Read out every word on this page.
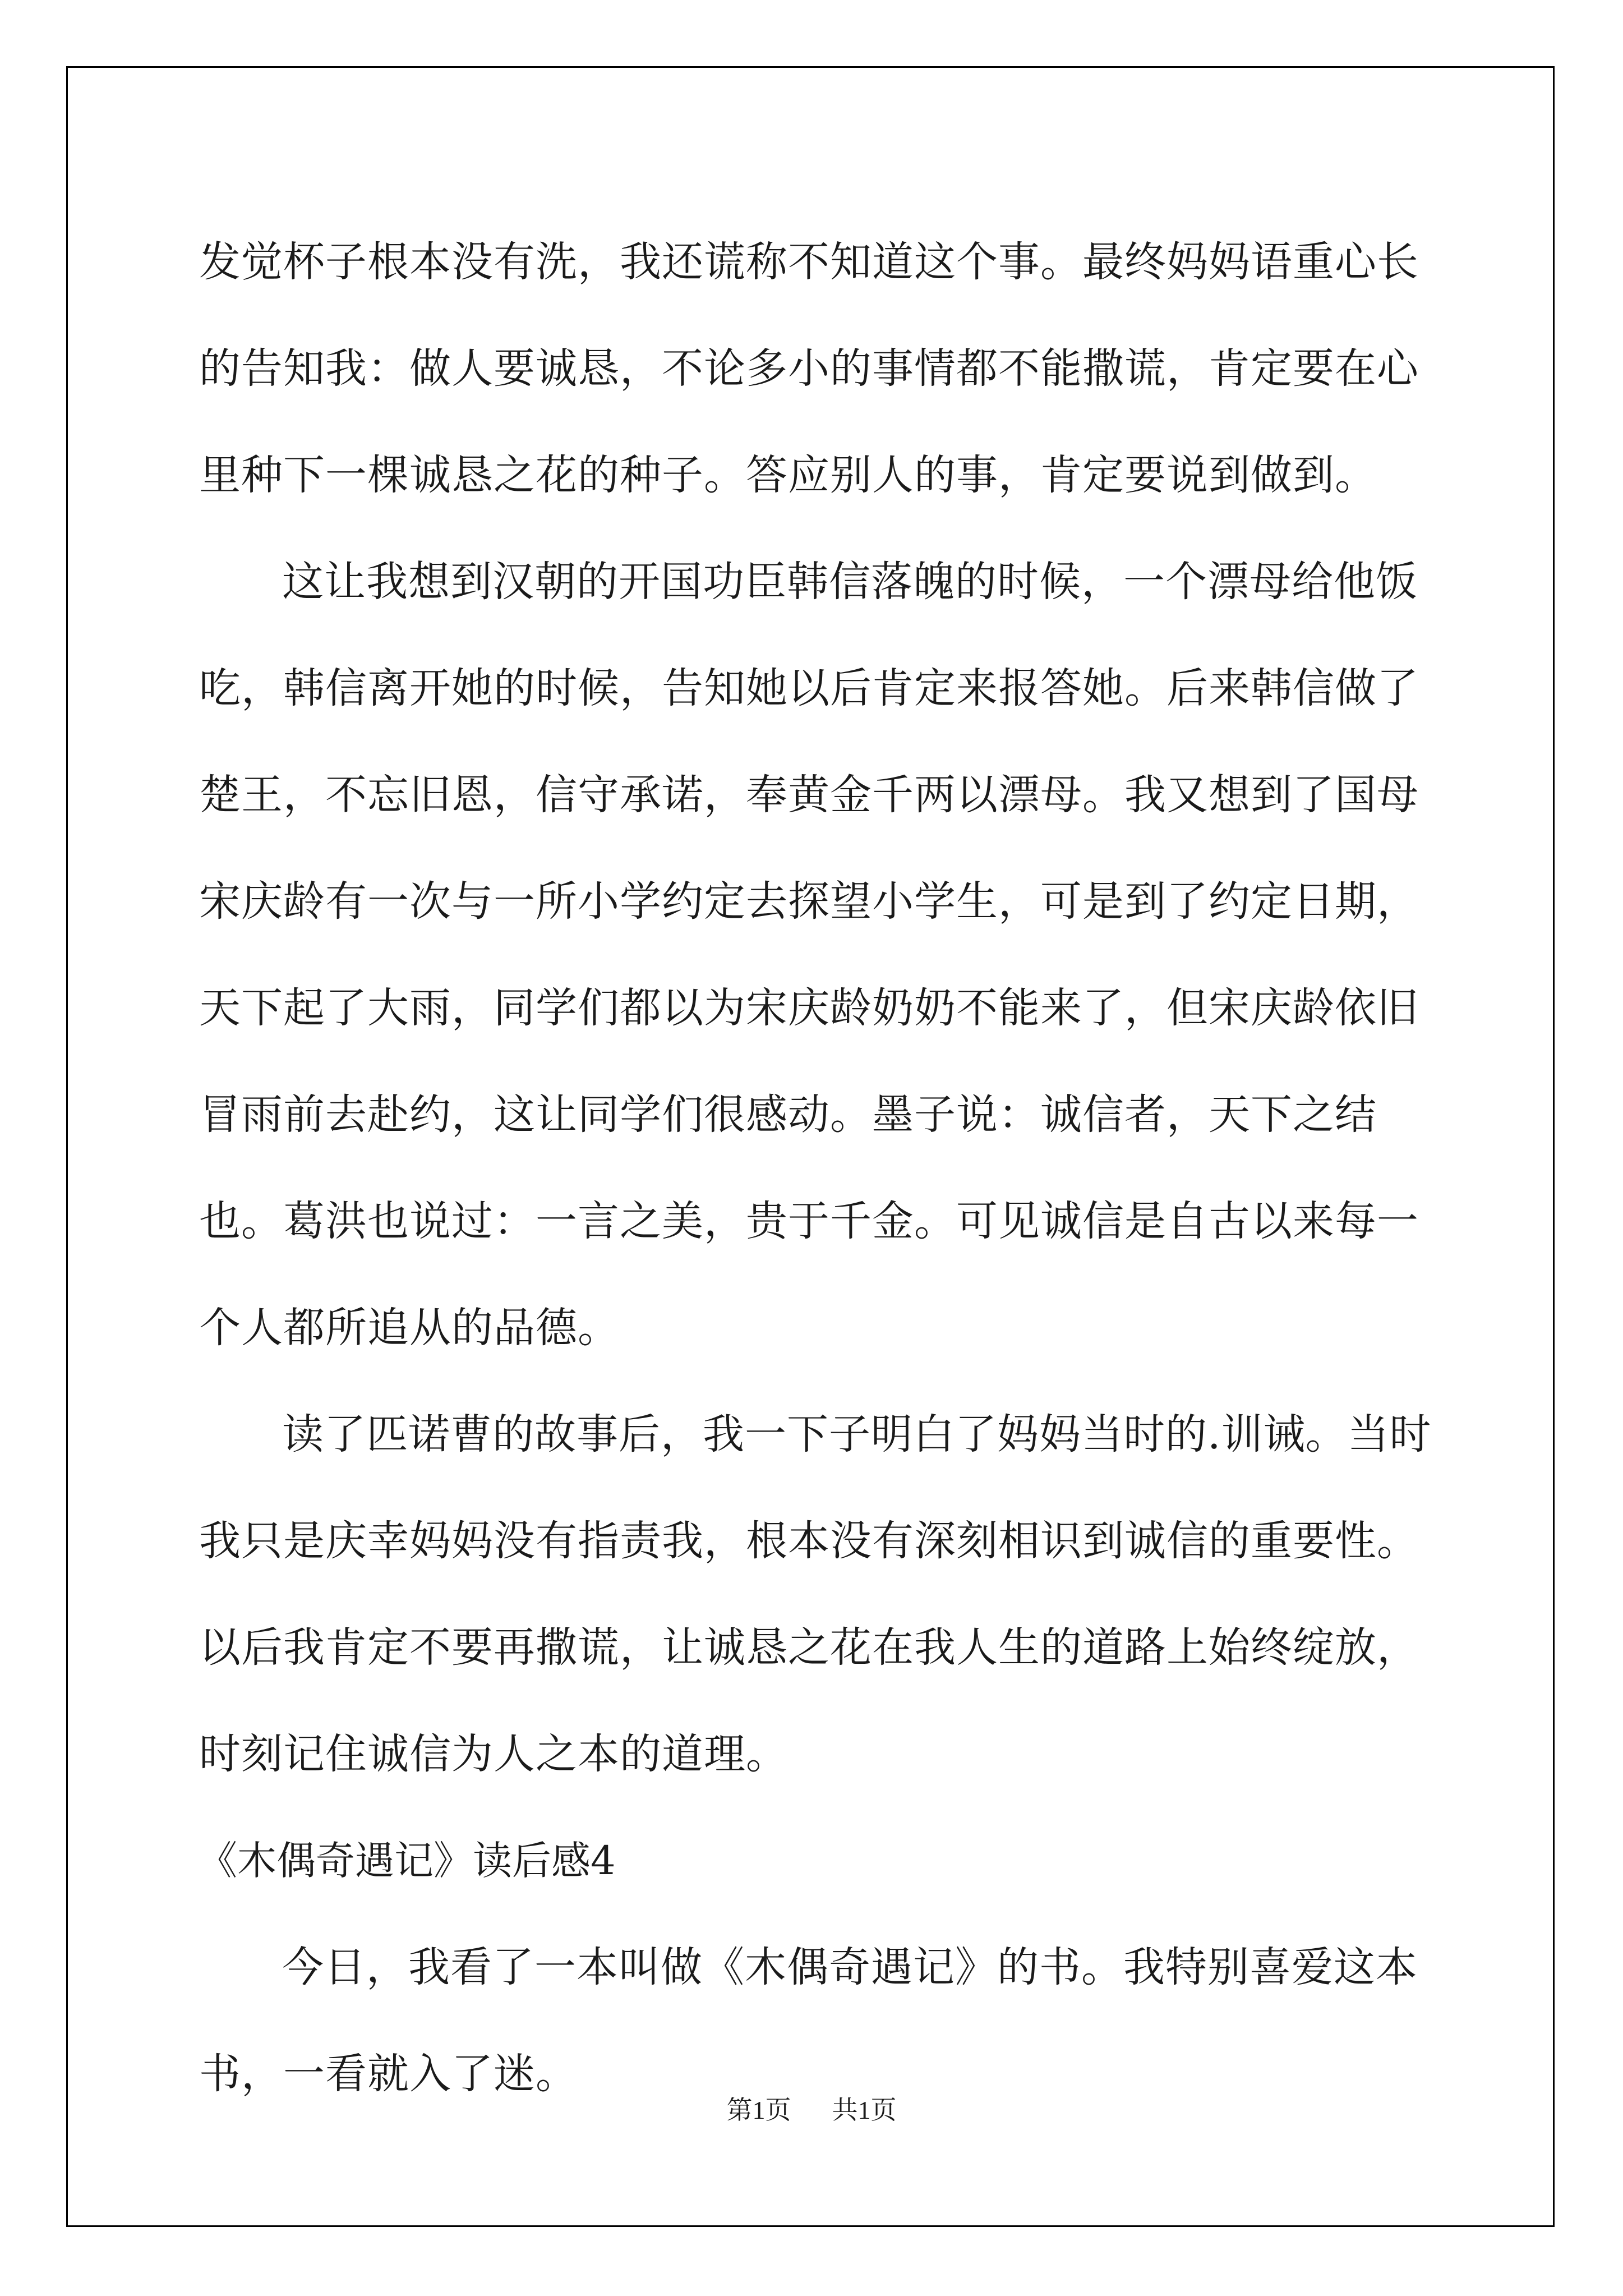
发觉杯子根本没有洗，我还谎称不知道这个事。最终妈妈语重心长的告知我：做人要诚恳，不论多小的事情都不能撒谎，肯定要在心里种下一棵诚恳之花的种子。答应别人的事，肯定要说到做到。

这让我想到汉朝的开国功臣韩信落魄的时候，一个漂母给他饭吃，韩信离开她的时候，告知她以后肯定来报答她。后来韩信做了楚王，不忘旧恩，信守承诺，奉黄金千两以漂母。我又想到了国母宋庆龄有一次与一所小学约定去探望小学生，可是到了约定日期，天下起了大雨，同学们都以为宋庆龄奶奶不能来了，但宋庆龄依旧冒雨前去赴约，这让同学们很感动。墨子说：诚信者，天下之结也。葛洪也说过：一言之美，贵于千金。可见诚信是自古以来每一个人都所追从的品德。

读了匹诺曹的故事后，我一下子明白了妈妈当时的.训诫。当时我只是庆幸妈妈没有指责我，根本没有深刻相识到诚信的重要性。以后我肯定不要再撒谎，让诚恳之花在我人生的道路上始终绽放，时刻记住诚信为人之本的道理。

《木偶奇遇记》读后感4

今日，我看了一本叫做《木偶奇遇记》的书。我特别喜爱这本书，一看就入了迷。

第1页 共1页
